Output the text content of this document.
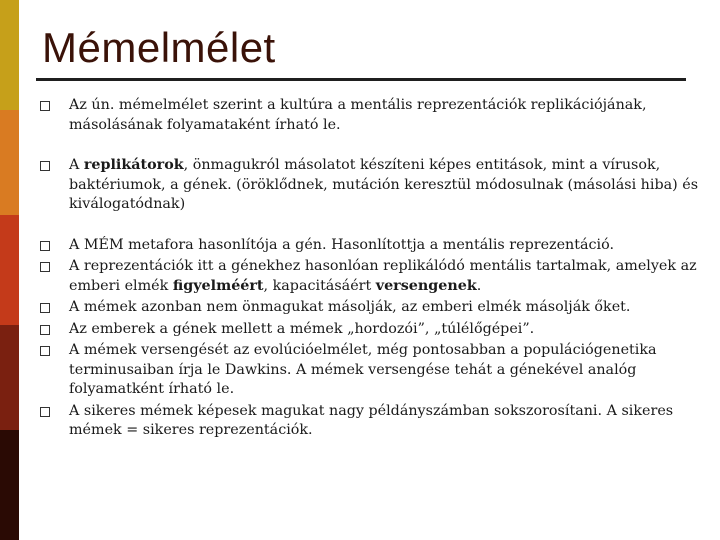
Mémelmélet
Az ún. mémelmélet szerint a kultúra a mentális reprezentációk replikációjának,
másolásának folyamataként írható le.
A replikátorok, önmagukról másolatot készíteni képes entitások, mint a vírusok,
baktériumok, a gének. (öröklődnek, mutáción keresztül módosulnak (másolási hiba) és
kiválogatódnak)
A MÉM metafora hasonlítója a gén. Hasonlítottja a mentális reprezentáció.
A reprezentációk itt a génekhez hasonlóan replikálódó mentális tartalmak, amelyek az
emberi elmék figyelméért, kapacitásáért versengenek.
A mémek azonban nem önmagukat másolják, az emberi elmék másolják őket.
Az emberek a gének mellett a mémek „hordozói”, „túlélőgépei”.
A mémek versengését az evolúcióelmélet, még pontosabban a populációgenetika
terminusaiban írja le Dawkins. A mémek versengése tehát a génekével analóg
folyamatként írható le.
A sikeres mémek képesek magukat nagy példányszámban sokszorosítani. A sikeres
mémek = sikeres reprezentációk.
